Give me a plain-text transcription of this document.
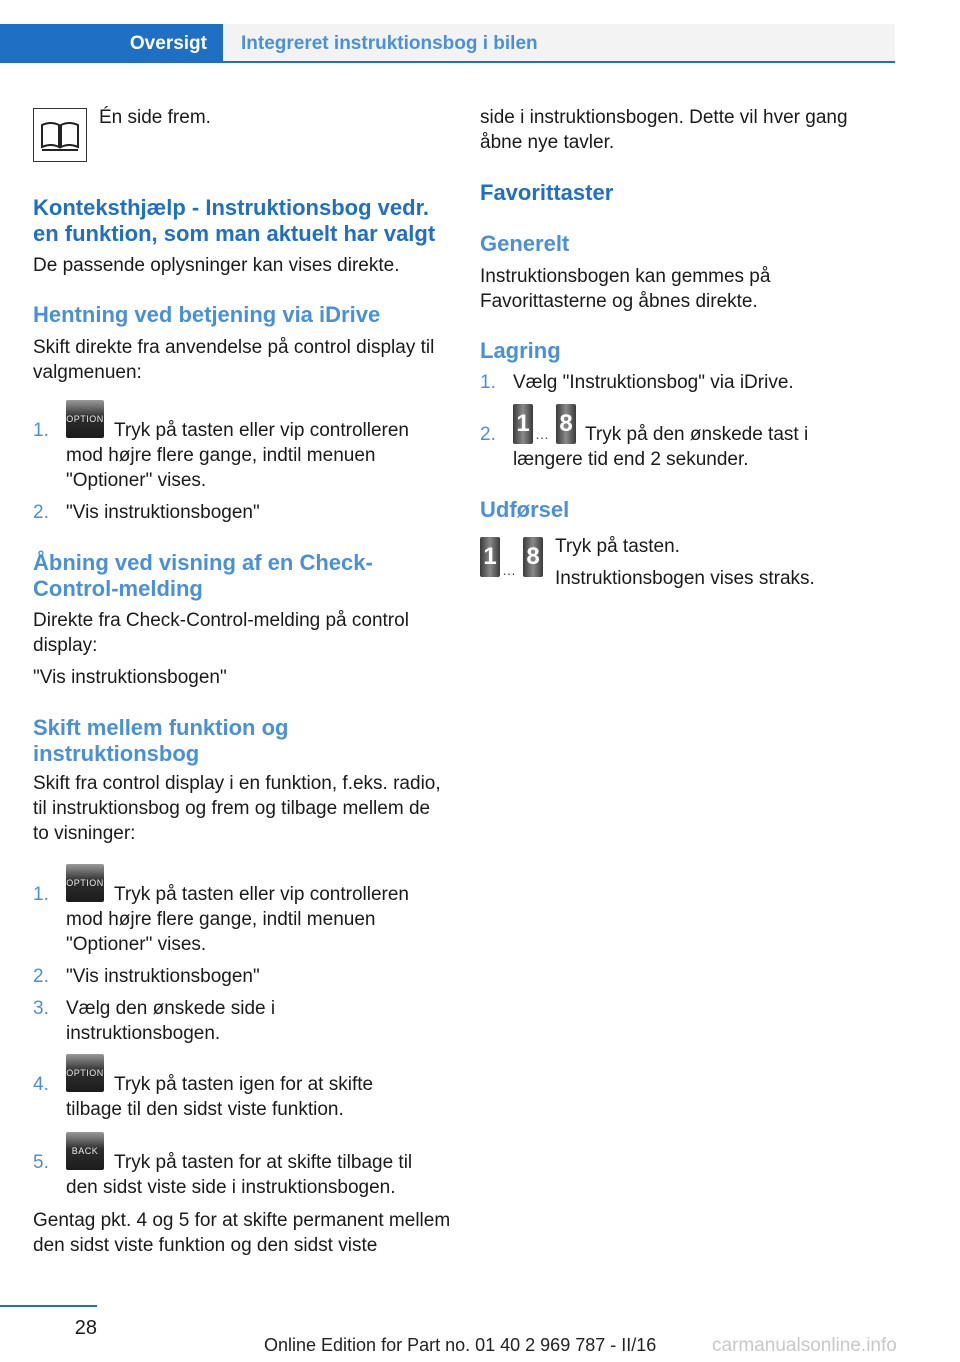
Oversigt	Integreret instruktionsbog i bilen

Én side frem.

Konteksthjælp - Instruktionsbog vedr. en funktion, som man aktuelt har valgt

De passende oplysninger kan vises direkte.

Hentning ved betjening via iDrive

Skift direkte fra anvendelse på control display til valgmenuen:

1.
OPTION

Tryk på tasten eller vip controlleren mod højre flere gange, indtil menuen "Optioner" vises.

2. "Vis instruktionsbogen"

Åbning ved visning af en Check-Control-melding

Direkte fra Check-Control-melding på control display:

"Vis instruktionsbogen"

Skift mellem funktion og instruktionsbog

Skift fra control display i en funktion, f.eks. radio, til instruktionsbog og frem og tilbage mellem de to visninger:

1.
OPTION

Tryk på tasten eller vip controlleren mod højre flere gange, indtil menuen "Optioner" vises.

2. "Vis instruktionsbogen"

3. Vælg den ønskede side i instruktionsbogen.

4.
OPTION

Tryk på tasten igen for at skifte tilbage til den sidst viste funktion.

5.
BACK

Tryk på tasten for at skifte tilbage til den sidst viste side i instruktionsbogen.

Gentag pkt. 4 og 5 for at skifte permanent mellem den sidst viste funktion og den sidst viste

side i instruktionsbogen. Dette vil hver gang åbne nye tavler.

Favorittaster
Generelt

Instruktionsbogen kan gemmes på Favorittasterne og åbnes direkte.

Lagring
1. Vælg "Instruktionsbog" via iDrive.

2. 1 … 8 Tryk på den ønskede tast i længere tid end 2 sekunder.

Udførsel
1 … 8 Tryk på tasten.

Instruktionsbogen vises straks.

28
Online Edition for Part no. 01 40 2 969 787 - II/16	carmanualsonline.info
